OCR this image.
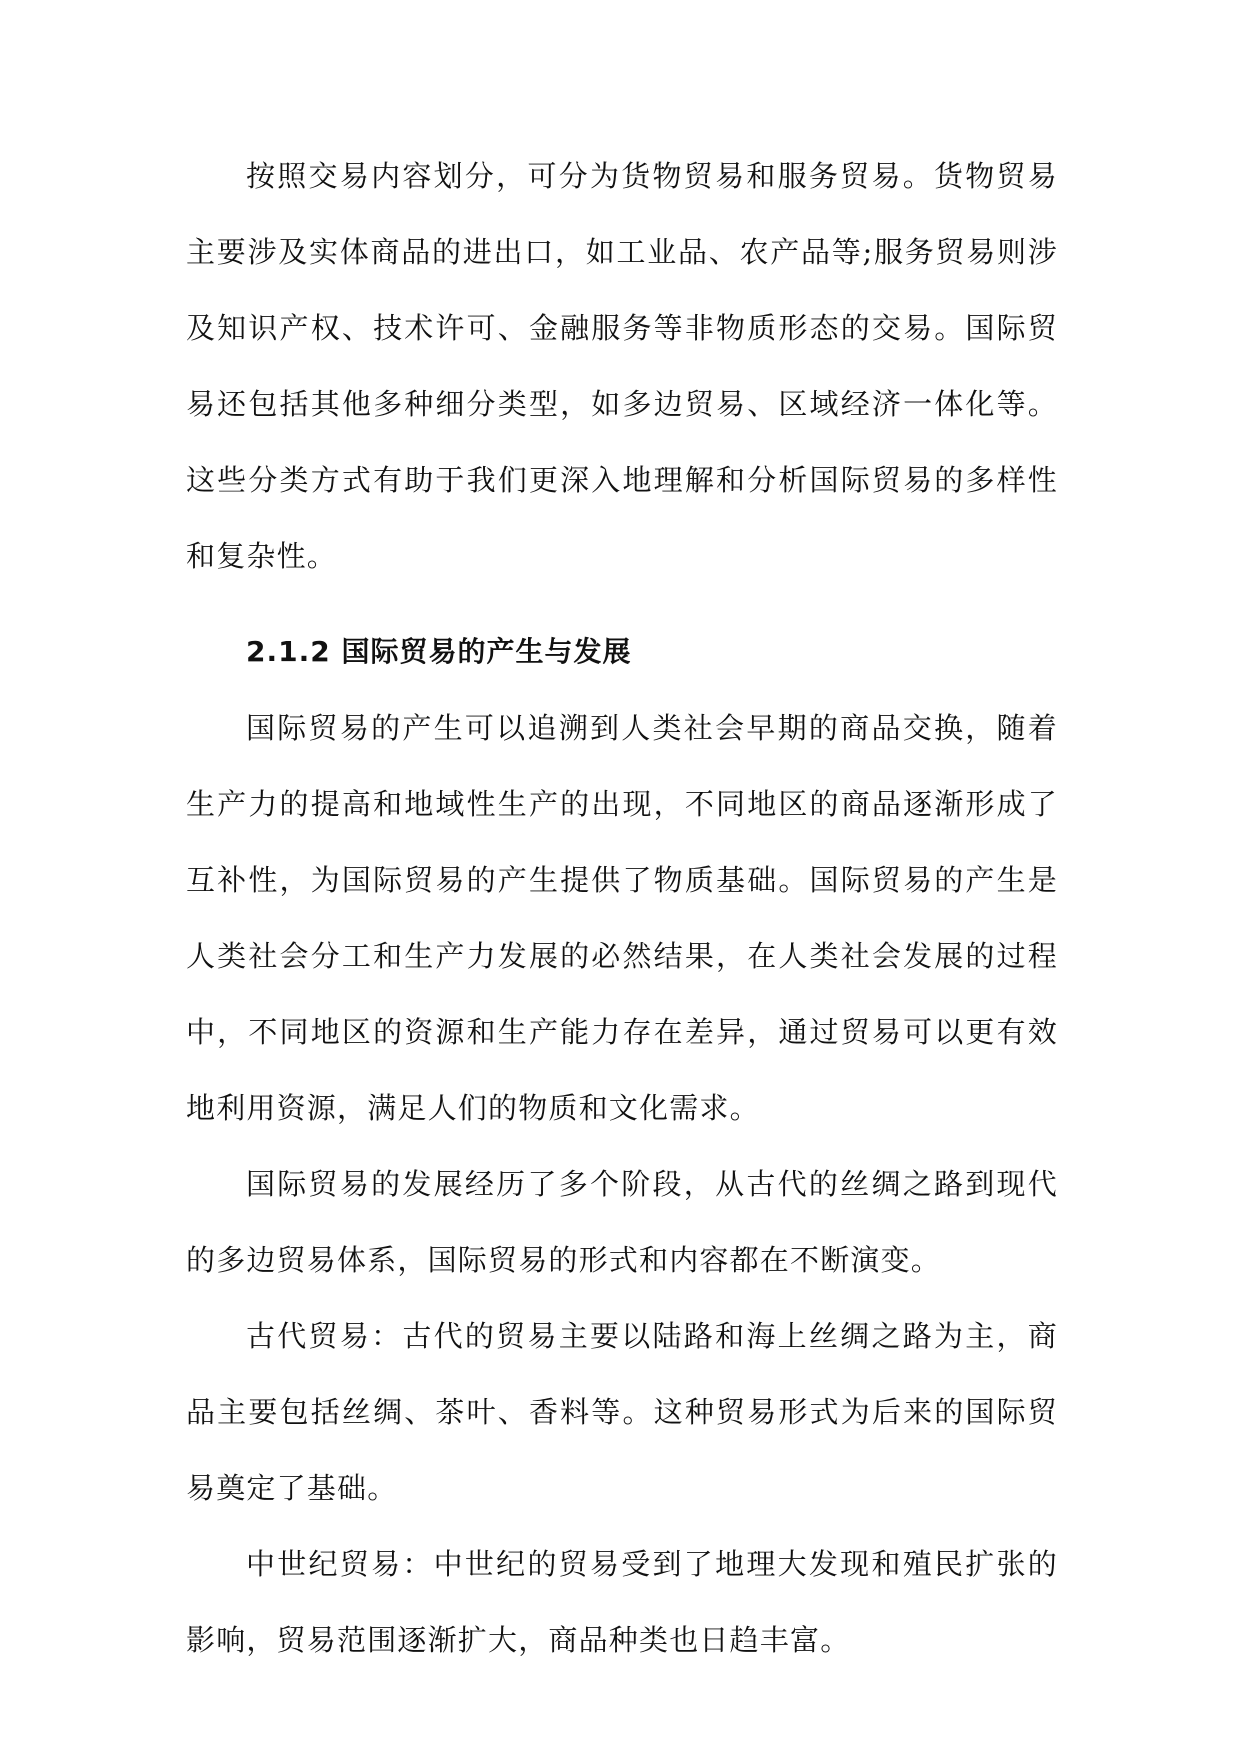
按照交易内容划分，可分为货物贸易和服务贸易。货物贸易主要涉及实体商品的进出口，如工业品、农产品等;服务贸易则涉及知识产权、技术许可、金融服务等非物质形态的交易。国际贸易还包括其他多种细分类型，如多边贸易、区域经济一体化等。这些分类方式有助于我们更深入地理解和分析国际贸易的多样性和复杂性。

2.1.2 国际贸易的产生与发展

国际贸易的产生可以追溯到人类社会早期的商品交换，随着生产力的提高和地域性生产的出现，不同地区的商品逐渐形成了互补性，为国际贸易的产生提供了物质基础。国际贸易的产生是人类社会分工和生产力发展的必然结果，在人类社会发展的过程中，不同地区的资源和生产能力存在差异，通过贸易可以更有效地利用资源，满足人们的物质和文化需求。

国际贸易的发展经历了多个阶段，从古代的丝绸之路到现代的多边贸易体系，国际贸易的形式和内容都在不断演变。

古代贸易：古代的贸易主要以陆路和海上丝绸之路为主，商品主要包括丝绸、茶叶、香料等。这种贸易形式为后来的国际贸易奠定了基础。

中世纪贸易：中世纪的贸易受到了地理大发现和殖民扩张的影响，贸易范围逐渐扩大，商品种类也日趋丰富。
